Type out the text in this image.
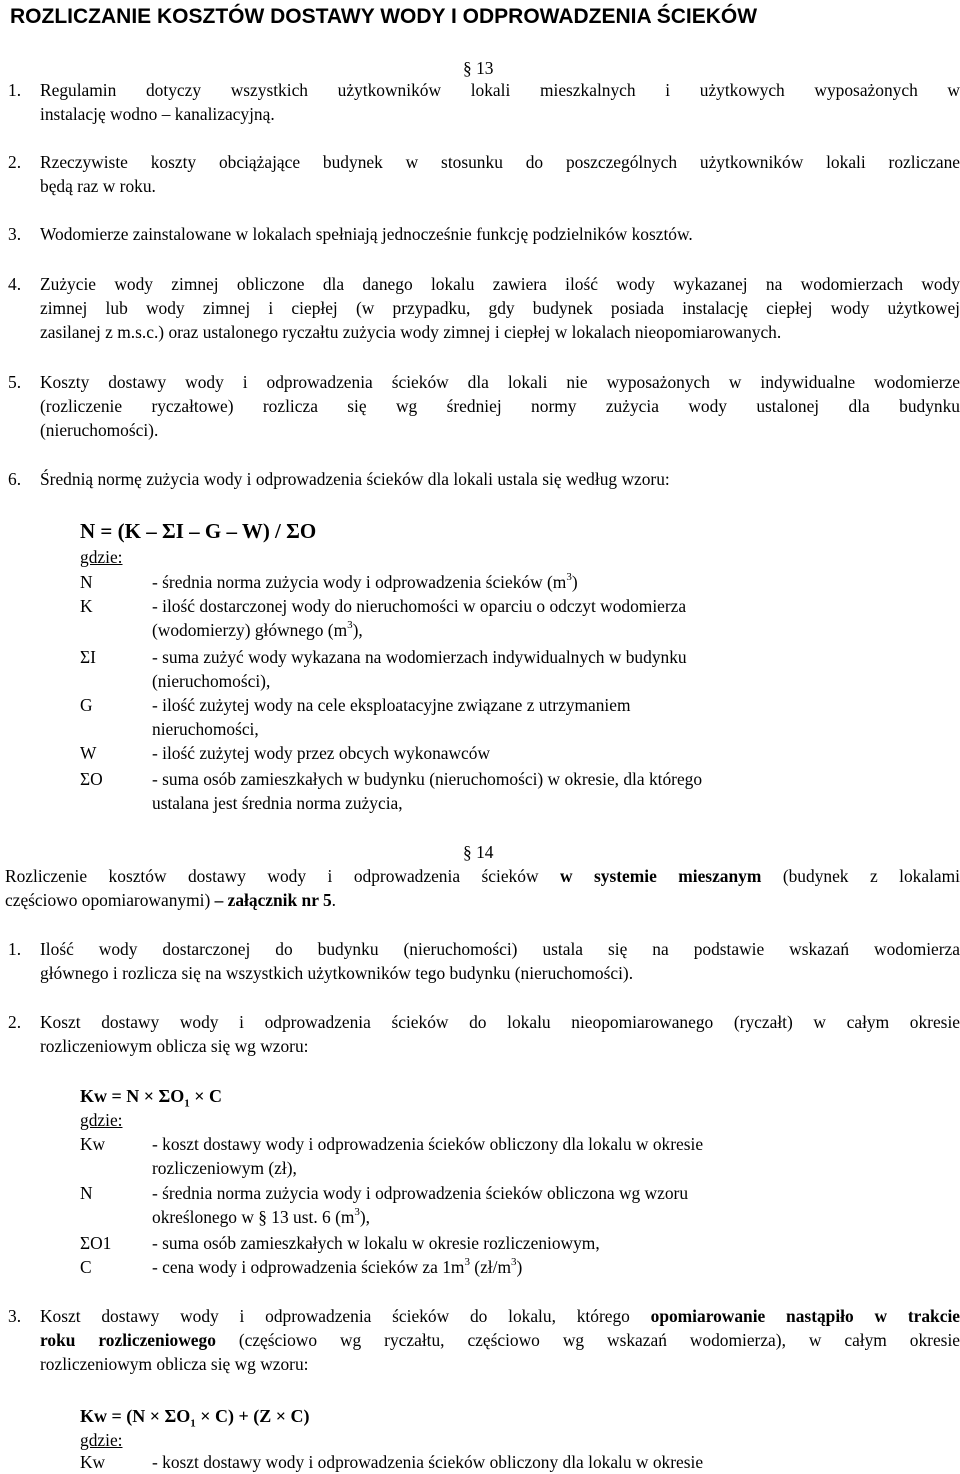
ROZLICZANIE KOSZTÓW DOSTAWY WODY I ODPROWADZENIA ŚCIEKÓW
§ 13
1. Regulamin dotyczy wszystkich użytkowników lokali mieszkalnych i użytkowych wyposażonych w
instalację wodno – kanalizacyjną.
2. Rzeczywiste koszty obciążające budynek w stosunku do poszczególnych użytkowników lokali rozliczane
będą raz w roku.
3. Wodomierze zainstalowane w lokalach spełniają jednocześnie funkcję podzielników kosztów.
4. Zużycie wody zimnej obliczone dla danego lokalu zawiera ilość wody wykazanej na wodomierzach wody
zimnej lub wody zimnej i ciepłej (w przypadku, gdy budynek posiada instalację ciepłej wody użytkowej
zasilanej z m.s.c.) oraz ustalonego ryczałtu zużycia wody zimnej i ciepłej w lokalach nieopomiarowanych.
5. Koszty dostawy wody i odprowadzenia ścieków dla lokali nie wyposażonych w indywidualne wodomierze
(rozliczenie ryczałtowe) rozlicza się wg średniej normy zużycia wody ustalonej dla budynku
(nieruchomości).
6. Średnią normę zużycia wody i odprowadzenia ścieków dla lokali ustala się według wzoru:
N = (K – ΣI – G – W) / ΣO
gdzie:
N	- średnia norma zużycia wody i odprowadzenia ścieków $(m^3)$
K	- ilość dostarczonej wody do nieruchomości w oparciu o odczyt wodomierza
(wodomierzy) głównego $(m^3)$,
ΣI	- suma zużyć wody wykazana na wodomierzach indywidualnych w budynku
(nieruchomości),
G	- ilość zużytej wody na cele eksploatacyjne związane z utrzymaniem
nieruchomości,
W	- ilość zużytej wody przez obcych wykonawców
ΣO	- suma osób zamieszkałych w budynku (nieruchomości) w okresie, dla którego
ustalana jest średnia norma zużycia,
§ 14
Rozliczenie kosztów dostawy wody i odprowadzenia ścieków w systemie mieszanym (budynek z lokalami
częściowo opomiarowanymi) – załącznik nr 5.
1. Ilość wody dostarczonej do budynku (nieruchomości) ustala się na podstawie wskazań wodomierza
głównego i rozlicza się na wszystkich użytkowników tego budynku (nieruchomości).
2. Koszt dostawy wody i odprowadzenia ścieków do lokalu nieopomiarowanego (ryczałt) w całym okresie
rozliczeniowym oblicza się wg wzoru:
$Kw = N \times \Sigma O_1 \times C$
gdzie:
Kw	- koszt dostawy wody i odprowadzenia ścieków obliczony dla lokalu w okresie
rozliczeniowym (zł),
N	- średnia norma zużycia wody i odprowadzenia ścieków obliczona wg wzoru
określonego w § 13 ust. 6 $(m^3)$,
ΣO1 - suma osób zamieszkałych w lokalu w okresie rozliczeniowym,
C	- cena wody i odprowadzenia ścieków za $1m^3$ $(zł/m^3)$
3. Koszt dostawy wody i odprowadzenia ścieków do lokalu, którego opomiarowanie nastąpiło w trakcie
roku rozliczeniowego (częściowo wg ryczałtu, częściowo wg wskazań wodomierza), w całym okresie
rozliczeniowym oblicza się wg wzoru:
$Kw = (N \times \Sigma O_1 \times C) + (Z \times C)$
gdzie:
Kw	- koszt dostawy wody i odprowadzenia ścieków obliczony dla lokalu w okresie
